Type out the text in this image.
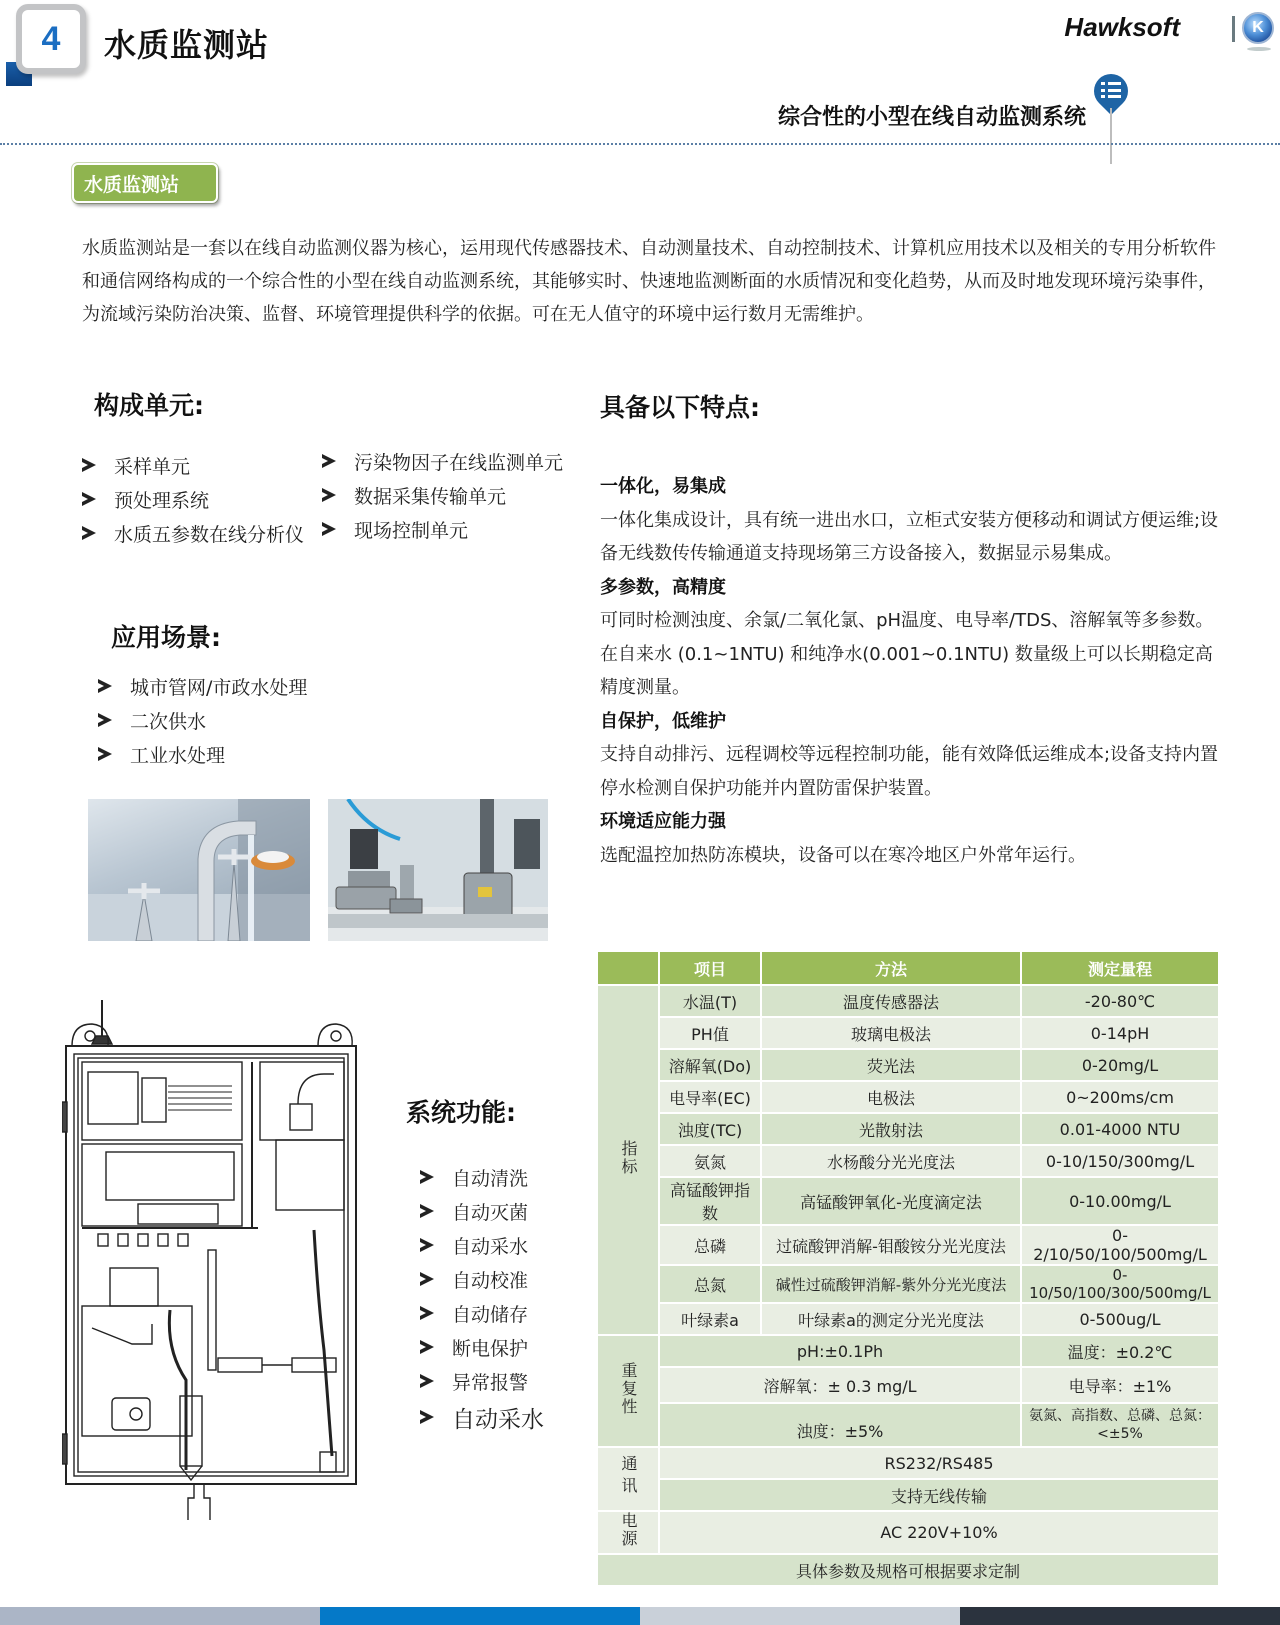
4 水质监测站	Hawksoft	K
综合性的小型在线自动监测系统
水质监测站

水质监测站是一套以在线自动监测仪器为核心，运用现代传感器技术、自动测量技术、自动控制技术、计算机应用技术以及相关的专用分析软件和通信网络构成的一个综合性的小型在线自动监测系统，其能够实时、快速地监测断面的水质情况和变化趋势，从而及时地发现环境污染事件，为流域污染防治决策、监督、环境管理提供科学的依据。可在无人值守的环境中运行数月无需维护。

构成单元:
采样单元
预处理系统
水质五参数在线分析仪
污染物因子在线监测单元
数据采集传输单元
现场控制单元
应用场景:
城市管网/市政水处理
二次供水
工业水处理
具备以下特点:
一体化，易集成
一体化集成设计，具有统一进出水口，立柜式安装方便移动和调试方便运维;设备无线数传传输通道支持现场第三方设备接入，数据显示易集成。
多参数，高精度
可同时检测浊度、余氯/二氧化氯、pH温度、电导率/TDS、溶解氧等多参数。
在自来水 (0.1~1NTU) 和纯净水(0.001~0.1NTU) 数量级上可以长期稳定高精度测量。
自保护，低维护
支持自动排污、远程调校等远程控制功能，能有效降低运维成本;设备支持内置停水检测自保护功能并内置防雷保护装置。
环境适应能力强
选配温控加热防冻模块，设备可以在寒冷地区户外常年运行。
系统功能:
自动清洗
自动灭菌
自动采水
自动校准
自动储存
断电保护
异常报警
自动采水
	项目	方法	测定量程
指标	水温(T)	温度传感器法	-20-80℃
	PH值	玻璃电极法	0-14pH
	溶解氧(Do)	荧光法	0-20mg/L
	电导率(EC)	电极法	0~200ms/cm
	浊度(TC)	光散射法	0.01-4000 NTU
	氨氮	水杨酸分光光度法	0-10/150/300mg/L
	高锰酸钾指数	高锰酸钾氧化-光度滴定法	0-10.00mg/L
	总磷	过硫酸钾消解-钼酸铵分光光度法	0-2/10/50/100/500mg/L
	总氮	碱性过硫酸钾消解-紫外分光光度法	0-10/50/100/300/500mg/L
	叶绿素a	叶绿素a的测定分光光度法	0-500ug/L
重复性	pH:±0.1Ph		温度：±0.2℃
	溶解氧：± 0.3 mg/L		电导率：±1%
	浊度：±5%		氨氮、高指数、总磷、总氮：<±5%
通讯	RS232/RS485		
	支持无线传输		
电源	AC 220V+10%		
具体参数及规格可根据要求定制			
